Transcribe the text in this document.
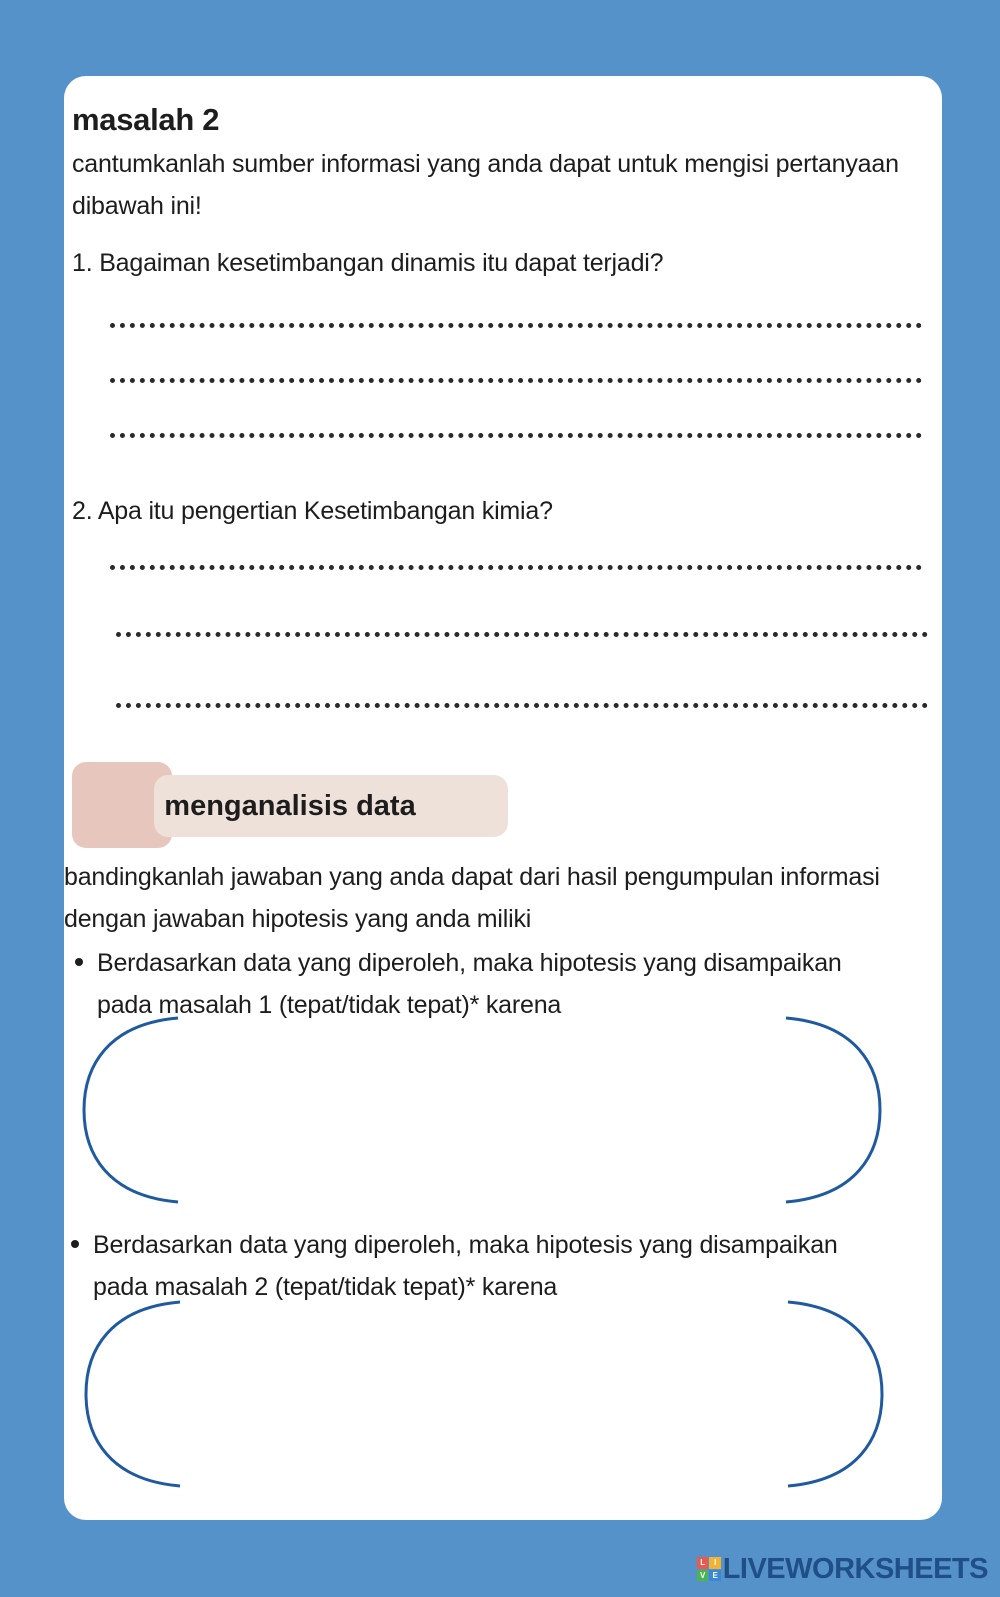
masalah 2

cantumkanlah sumber informasi yang anda dapat untuk mengisi pertanyaan dibawah ini!

1. Bagaiman kesetimbangan dinamis itu dapat terjadi?

2. Apa itu pengertian Kesetimbangan kimia?

menganalisis data

bandingkanlah jawaban yang anda dapat dari hasil pengumpulan informasi dengan jawaban hipotesis yang anda miliki

Berdasarkan data yang diperoleh, maka hipotesis yang disampaikan pada masalah 1 (tepat/tidak tepat)* karena

Berdasarkan data yang diperoleh, maka hipotesis yang disampaikan pada masalah 2 (tepat/tidak tepat)* karena

L	I
V E LIVEWORKSHEETS
